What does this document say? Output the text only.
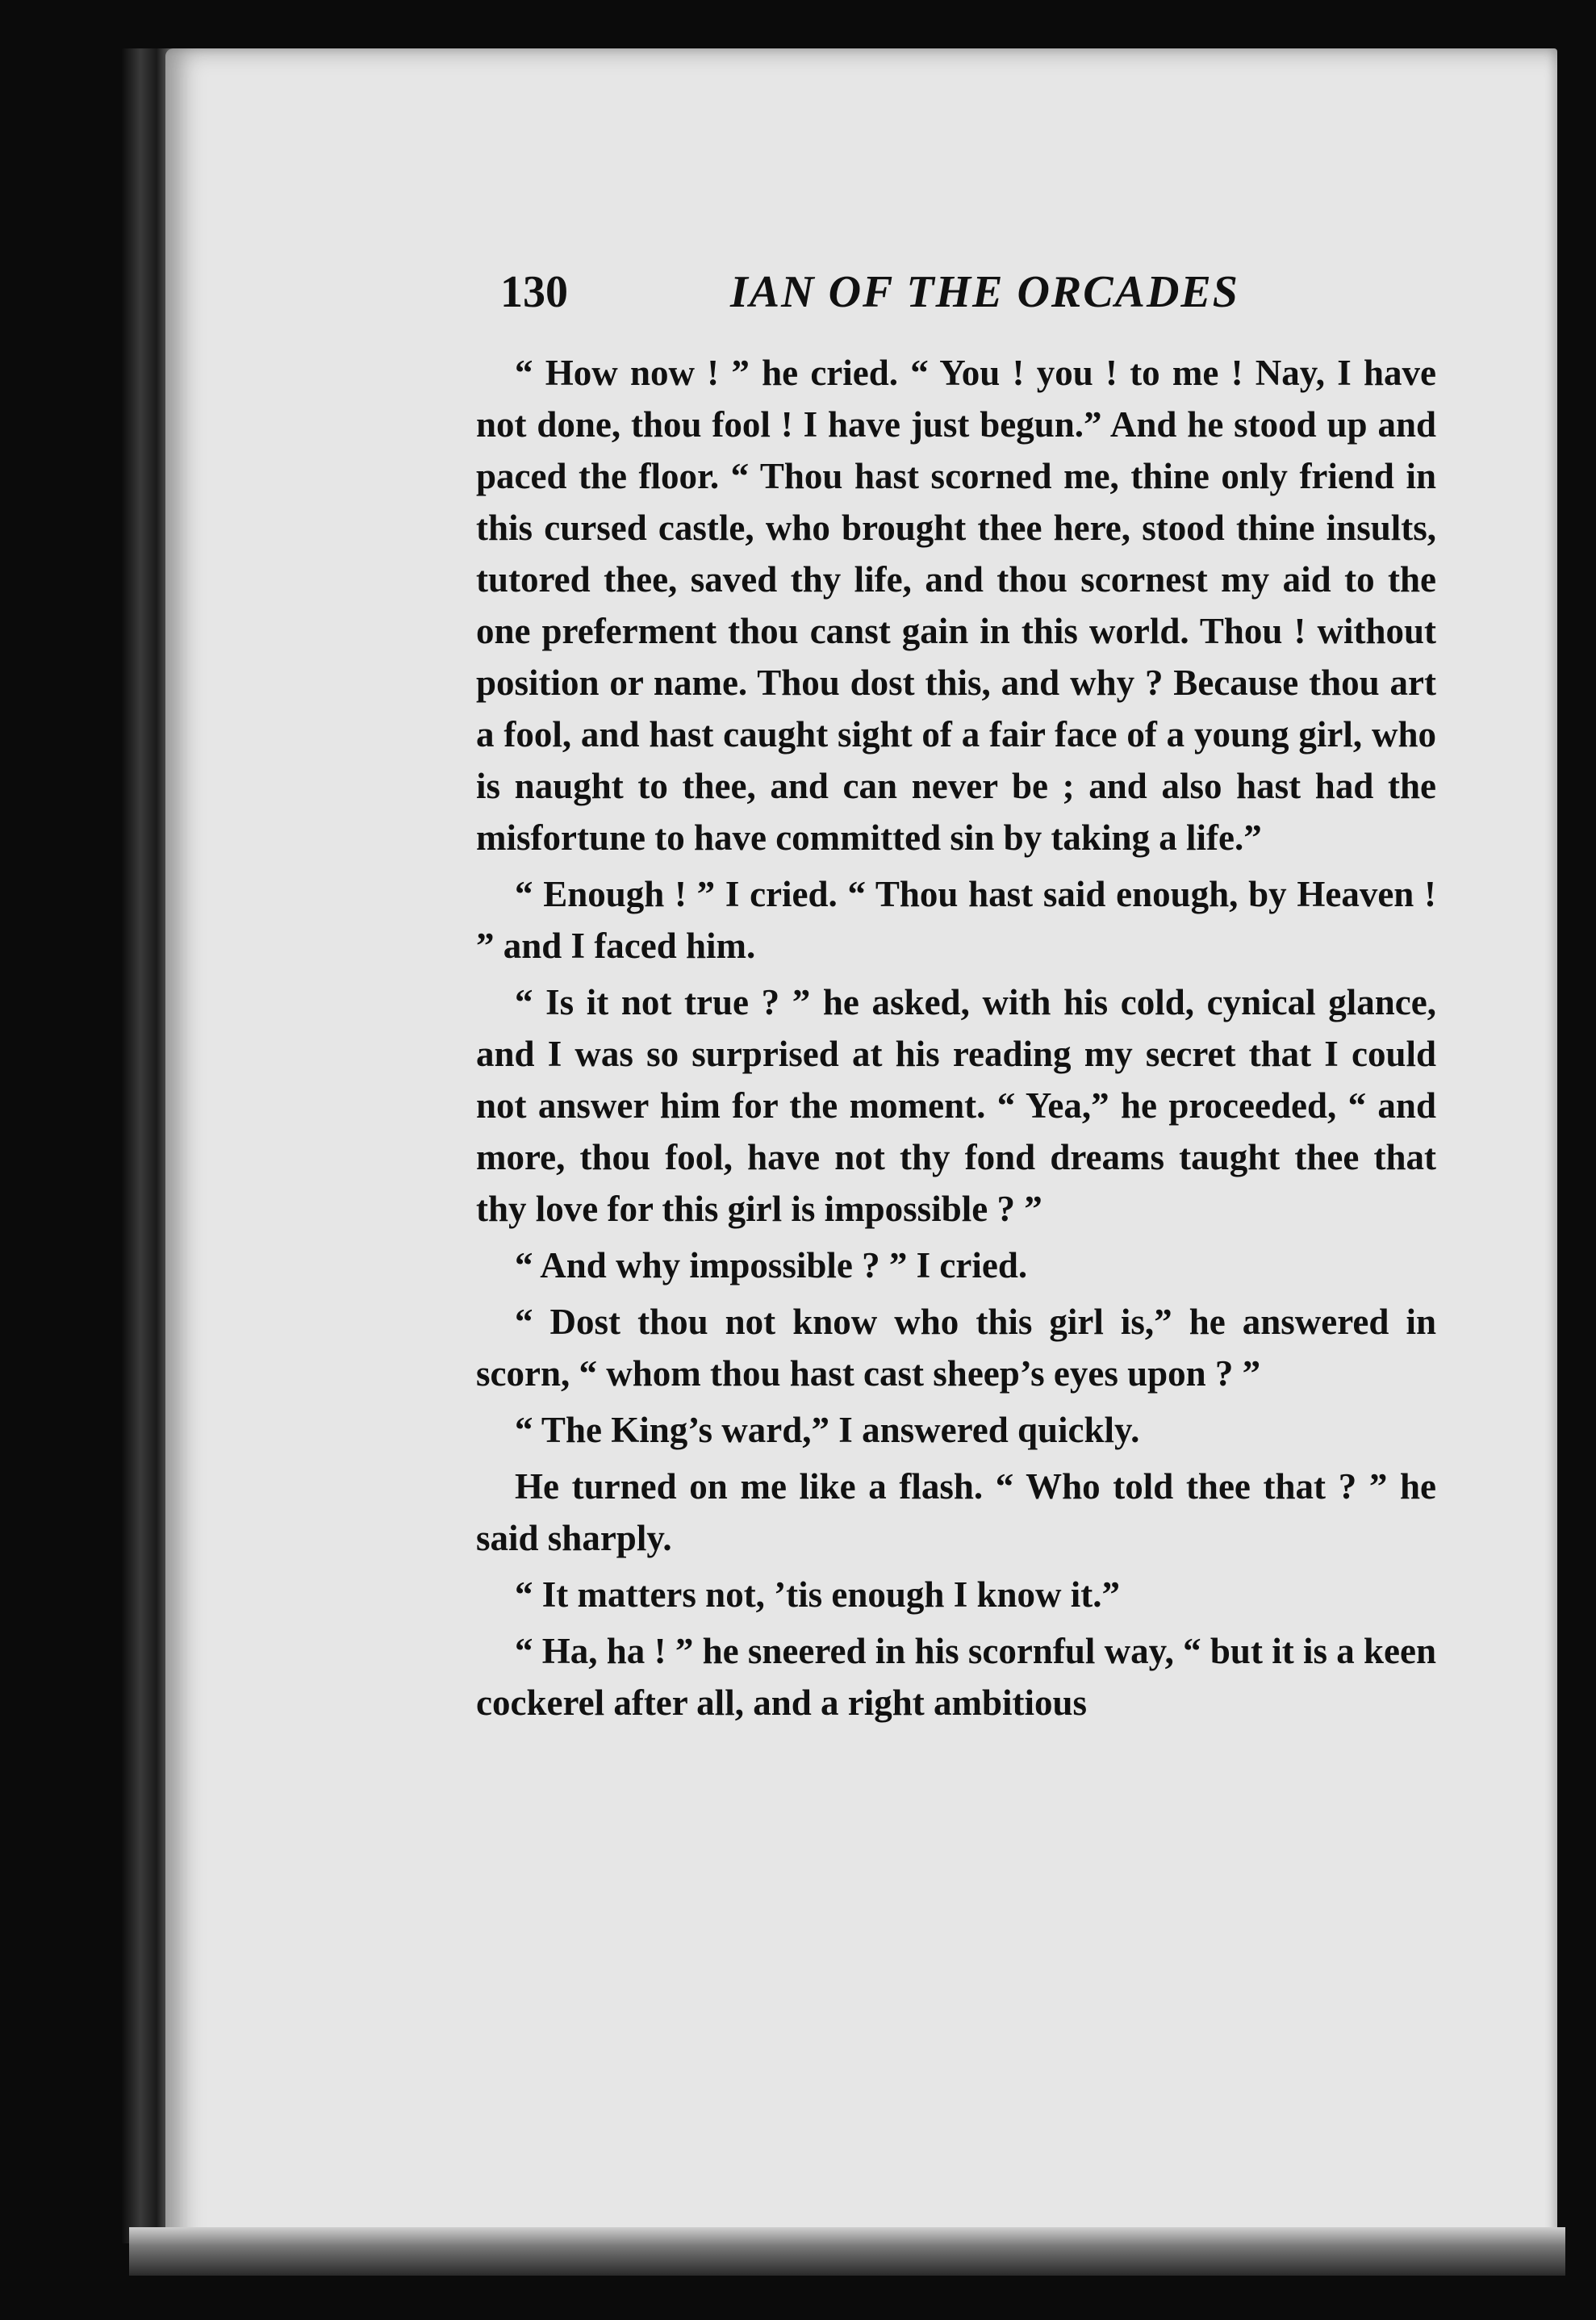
130	IAN OF THE ORCADES

“ How now ! ” he cried. “ You ! you ! to me ! Nay, I have not done, thou fool ! I have just begun.” And he stood up and paced the floor. “ Thou hast scorned me, thine only friend in this cursed castle, who brought thee here, stood thine insults, tutored thee, saved thy life, and thou scornest my aid to the one preferment thou canst gain in this world. Thou ! without position or name. Thou dost this, and why ? Because thou art a fool, and hast caught sight of a fair face of a young girl, who is naught to thee, and can never be ; and also hast had the misfortune to have committed sin by taking a life.”

“ Enough ! ” I cried. “ Thou hast said enough, by Heaven ! ” and I faced him.

“ Is it not true ? ” he asked, with his cold, cynical glance, and I was so surprised at his reading my secret that I could not answer him for the moment. “ Yea,” he proceeded, “ and more, thou fool, have not thy fond dreams taught thee that thy love for this girl is impossible ? ”

“ And why impossible ? ” I cried.

“ Dost thou not know who this girl is,” he answered in scorn, “ whom thou hast cast sheep’s eyes upon ? ”

“ The King’s ward,” I answered quickly.

He turned on me like a flash. “ Who told thee that ? ” he said sharply.

“ It matters not, ’tis enough I know it.”

“ Ha, ha ! ” he sneered in his scornful way, “ but it is a keen cockerel after all, and a right ambitious
